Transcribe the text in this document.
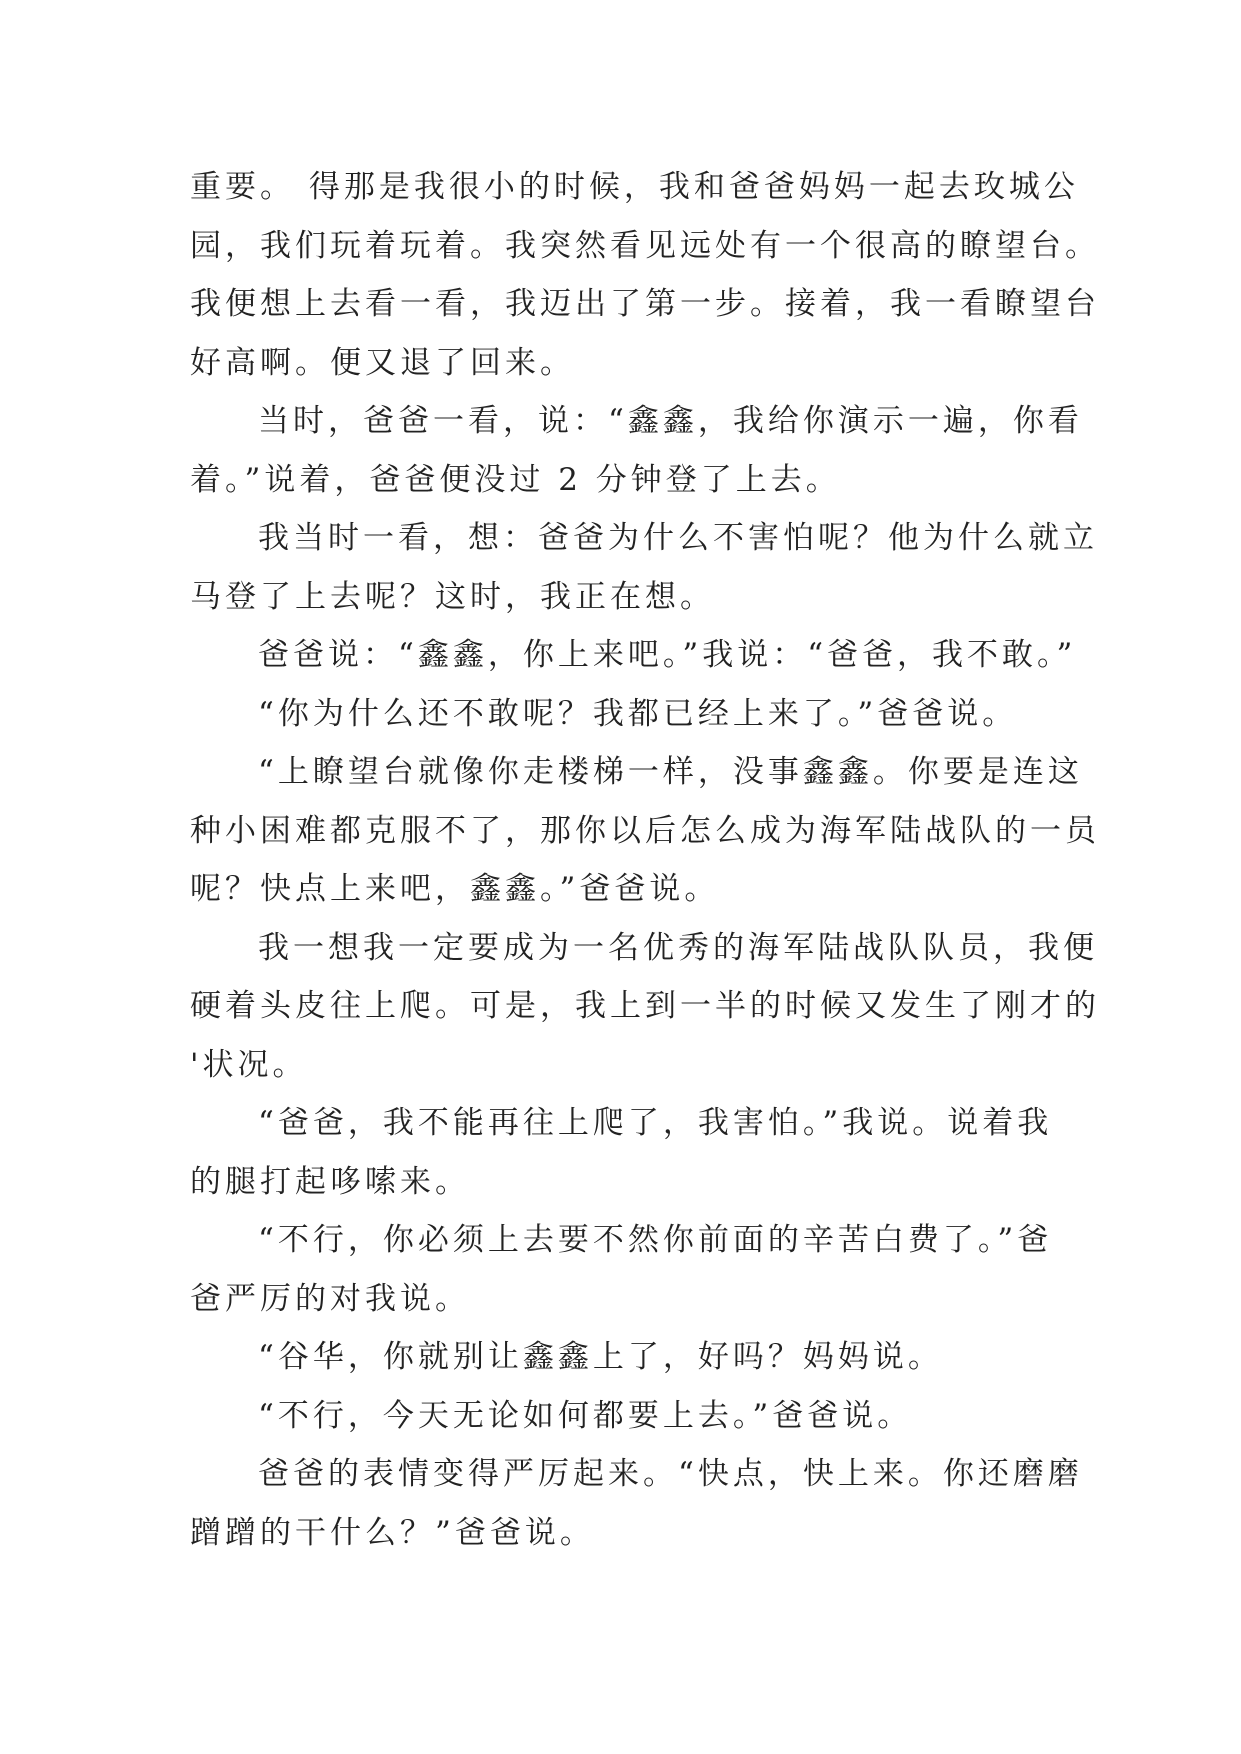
重要。 得那是我很小的时候，我和爸爸妈妈一起去玫城公
园，我们玩着玩着。我突然看见远处有一个很高的瞭望台。
我便想上去看一看，我迈出了第一步。接着，我一看瞭望台
好高啊。便又退了回来。
当时，爸爸一看，说：“鑫鑫，我给你演示一遍，你看
着。”说着，爸爸便没过 2 分钟登了上去。
我当时一看，想：爸爸为什么不害怕呢？他为什么就立
马登了上去呢？这时，我正在想。
爸爸说：“鑫鑫，你上来吧。”我说：“爸爸，我不敢。”
“你为什么还不敢呢？我都已经上来了。”爸爸说。
“上瞭望台就像你走楼梯一样，没事鑫鑫。你要是连这
种小困难都克服不了，那你以后怎么成为海军陆战队的一员
呢？快点上来吧，鑫鑫。”爸爸说。
我一想我一定要成为一名优秀的海军陆战队队员，我便
硬着头皮往上爬。可是，我上到一半的时候又发生了刚才的
'状况。
“爸爸，我不能再往上爬了，我害怕。”我说。说着我
的腿打起哆嗦来。
“不行，你必须上去要不然你前面的辛苦白费了。”爸
爸严厉的对我说。
“谷华，你就别让鑫鑫上了，好吗？妈妈说。
“不行，今天无论如何都要上去。”爸爸说。
爸爸的表情变得严厉起来。“快点，快上来。你还磨磨
蹭蹭的干什么？”爸爸说。
